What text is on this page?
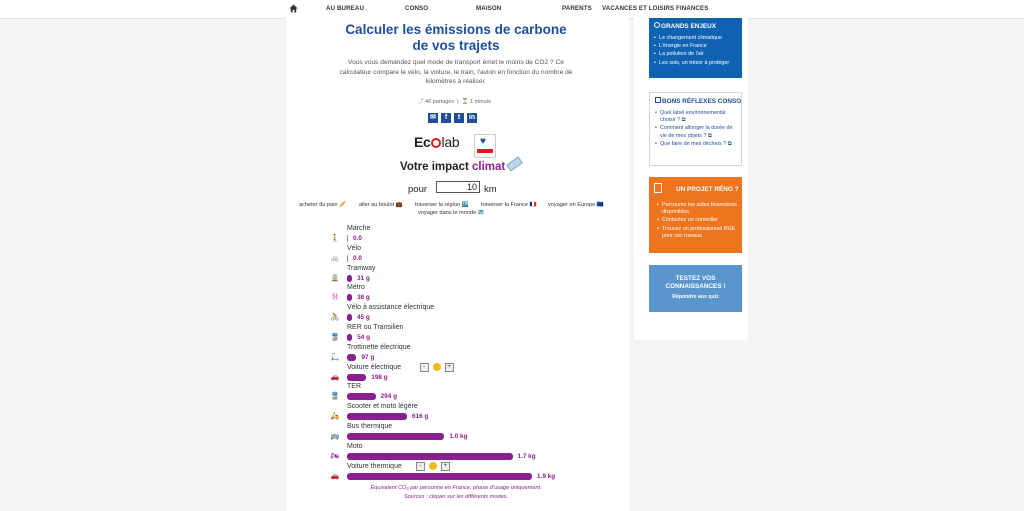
AU BUREAU	CONSO	MAISON	PARENTS VACANCES ET LOISIRS FINANCES
Calculer les émissions de carbone de vos trajets
Vous vous demandez quel mode de transport émet le moins de CO2 ? Ce calculateur compare le vélo, la voiture, le train, l'avion en fonction du nombre de kilomètres à réaliser.
⤴ 46 partages  |  ⌛ 1 minute
✉	f	t	in
Ec lab ♥
Votre impact climat
pour
10	km
acheter du pain 🥖 aller au boulot 💼 traverser la région 🏙️ traverser la France 🇫🇷 voyager en Europe 🇪🇺
voyager dans le monde 🗺️
🚶
Marche
0.0
🚲
Vélo
0.0
🚊
Tramway
31 g
Ⓜ
Métro
38 g
🚴
Vélo à assistance électrique
45 g
🚆
RER ou Transilien
54 g
🛴
Trottinette électrique
97 g
🚗
Voiture électrique
198 g
-	+
🚆
TER
294 g
🛵
Scooter et moto légère
616 g
🚌
Bus thermique
1.0 kg
🏍
Moto
1.7 kg
🚗
Voiture thermique
1.9 kg
-	+
Équivalent CO₂ par personne en France, phase d'usage uniquement.
Sources : cliquer sur les différents modes.
GRANDS ENJEUX
• Le changement climatique
• L'énergie en France
• La pollution de l'air
• Les sols, un trésor à protéger
BONS RÉFLEXES CONSO
• Quel label environnemental choisir ? ⧉
• Comment allonger la durée de vie de mes objets ? ⧉
• Que faire de mes déchets ? ⧉
UN PROJET RÉNO ?
• Parcourez les aides financières disponibles
• Contactez un conseiller
• Trouvez un professionnel RGE pour vos travaux
TESTEZ VOS CONNAISSANCES !
Répondre aux quiz
